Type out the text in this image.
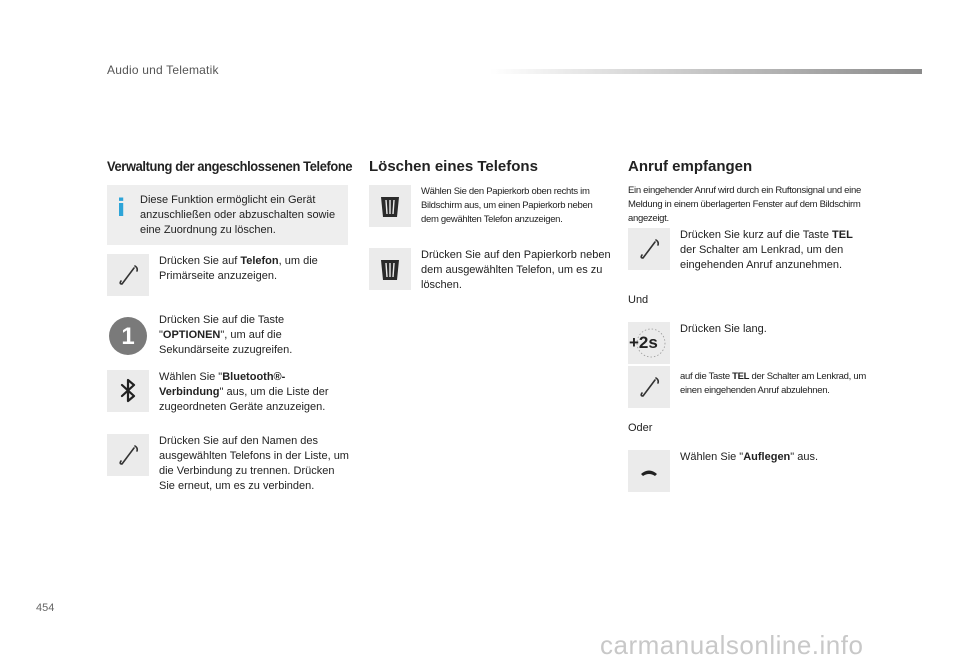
Audio und Telematik
Verwaltung der angeschlossenen Telefone
i Diese Funktion ermöglicht ein Gerät anzuschließen oder abzuschalten sowie eine Zuordnung zu löschen.
Drücken Sie auf Telefon, um die Primärseite anzuzeigen.
1
Drücken Sie auf die Taste "OPTIONEN", um auf die Sekundärseite zuzugreifen.
Wählen Sie "Bluetooth®-Verbindung" aus, um die Liste der zugeordneten Geräte anzuzeigen.
Drücken Sie auf den Namen des ausgewählten Telefons in der Liste, um die Verbindung zu trennen. Drücken Sie erneut, um es zu verbinden.
Löschen eines Telefons
Wählen Sie den Papierkorb oben rechts im Bildschirm aus, um einen Papierkorb neben dem gewählten Telefon anzuzeigen.
Drücken Sie auf den Papierkorb neben dem ausgewählten Telefon, um es zu löschen.
Anruf empfangen
Ein eingehender Anruf wird durch ein Ruftonsignal und eine Meldung in einem überlagerten Fenster auf dem Bildschirm angezeigt.
Drücken Sie kurz auf die Taste TEL der Schalter am Lenkrad, um den eingehenden Anruf anzunehmen.
Und
+2s
Drücken Sie lang.
auf die Taste TEL der Schalter am Lenkrad, um einen eingehenden Anruf abzulehnen.
Oder
Wählen Sie "Auflegen" aus.
454
carmanualsonline.info
